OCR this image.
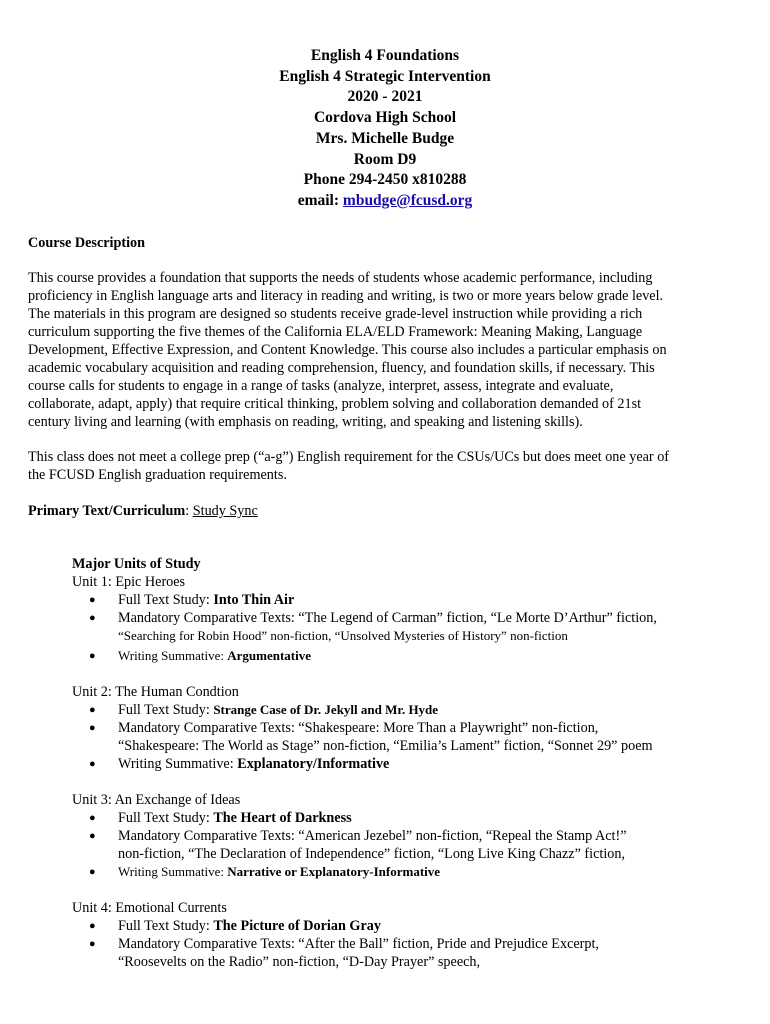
English 4 Foundations
English 4 Strategic Intervention
2020 - 2021
Cordova High School
Mrs. Michelle Budge
Room D9
Phone 294-2450 x810288
email: mbudge@fcusd.org
Course Description
This course provides a foundation that supports the needs of students whose academic performance, including
proficiency in English language arts and literacy in reading and writing, is two or more years below grade level.
The materials in this program are designed so students receive grade-level instruction while providing a rich
curriculum supporting the five themes of the California ELA/ELD Framework: Meaning Making, Language
Development, Effective Expression, and Content Knowledge. This course also includes a particular emphasis on
academic vocabulary acquisition and reading comprehension, fluency, and foundation skills, if necessary. This
course calls for students to engage in a range of tasks (analyze, interpret, assess, integrate and evaluate,
collaborate, adapt, apply) that require critical thinking, problem solving and collaboration demanded of 21st
century living and learning (with emphasis on reading, writing, and speaking and listening skills).
This class does not meet a college prep (“a-g”) English requirement for the CSUs/UCs but does meet one year of
the FCUSD English graduation requirements.
Primary Text/Curriculum: Study Sync
Major Units of Study
Unit 1: Epic Heroes
● Full Text Study: Into Thin Air
● Mandatory Comparative Texts: “The Legend of Carman” fiction, “Le Morte D’Arthur” fiction,
“Searching for Robin Hood” non-fiction, “Unsolved Mysteries of History” non-fiction
● Writing Summative: Argumentative
Unit 2: The Human Condtion
● Full Text Study: Strange Case of Dr. Jekyll and Mr. Hyde
● Mandatory Comparative Texts: “Shakespeare: More Than a Playwright” non-fiction,
“Shakespeare: The World as Stage” non-fiction, “Emilia’s Lament” fiction, “Sonnet 29” poem
● Writing Summative: Explanatory/Informative
Unit 3: An Exchange of Ideas
● Full Text Study: The Heart of Darkness
● Mandatory Comparative Texts: “American Jezebel” non-fiction, “Repeal the Stamp Act!”
non-fiction, “The Declaration of Independence” fiction, “Long Live King Chazz” fiction,
● Writing Summative: Narrative or Explanatory-Informative
Unit 4: Emotional Currents
● Full Text Study: The Picture of Dorian Gray
● Mandatory Comparative Texts: “After the Ball” fiction, Pride and Prejudice Excerpt,
“Roosevelts on the Radio” non-fiction, “D-Day Prayer” speech,
